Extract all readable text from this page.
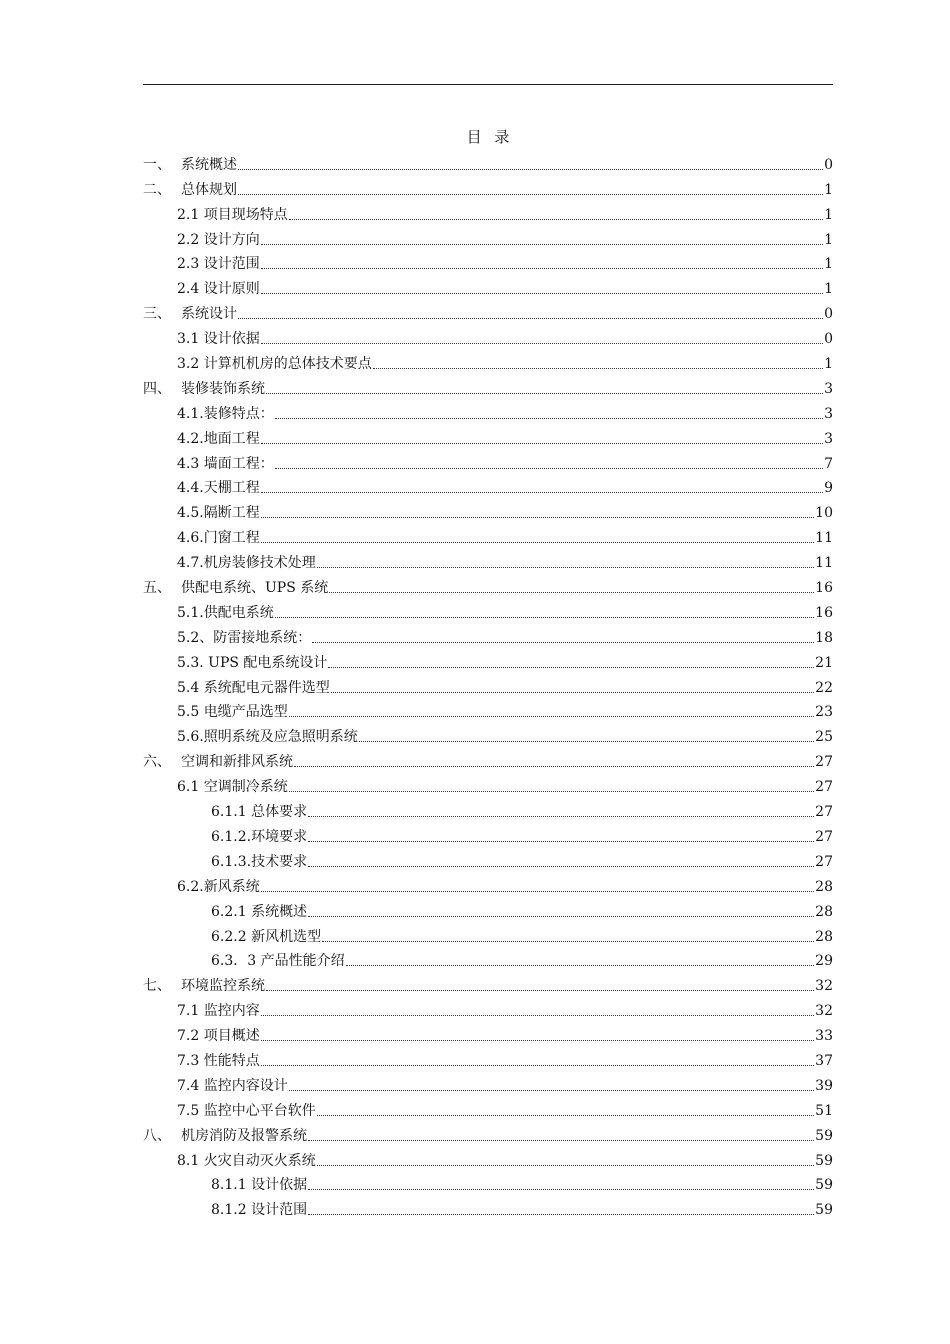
目 录
一、 系统概述	0
二、 总体规划	1
2.1 项目现场特点	1
2.2 设计方向	1
2.3 设计范围	1
2.4 设计原则	1
三、 系统设计	0
3.1 设计依据	0
3.2 计算机机房的总体技术要点	1
四、 装修装饰系统	3
4.1.装修特点：	3
4.2.地面工程	3
4.3 墙面工程：	7
4.4.天棚工程	9
4.5.隔断工程	10
4.6.门窗工程	11
4.7.机房装修技术处理	11
五、 供配电系统、UPS 系统	16
5.1.供配电系统	16
5.2、防雷接地系统：	18
5.3. UPS 配电系统设计	21
5.4 系统配电元器件选型	22
5.5 电缆产品选型	23
5.6.照明系统及应急照明系统	25
六、 空调和新排风系统	27
6.1 空调制冷系统	27
6.1.1 总体要求	27
6.1.2.环境要求	27
6.1.3.技术要求	27
6.2.新风系统	28
6.2.1 系统概述	28
6.2.2 新风机选型	28
6.3．3 产品性能介绍	29
七、 环境监控系统	32
7.1 监控内容	32
7.2 项目概述	33
7.3 性能特点	37
7.4 监控内容设计	39
7.5 监控中心平台软件	51
八、 机房消防及报警系统	59
8.1 火灾自动灭火系统	59
8.1.1 设计依据	59
8.1.2 设计范围	59
